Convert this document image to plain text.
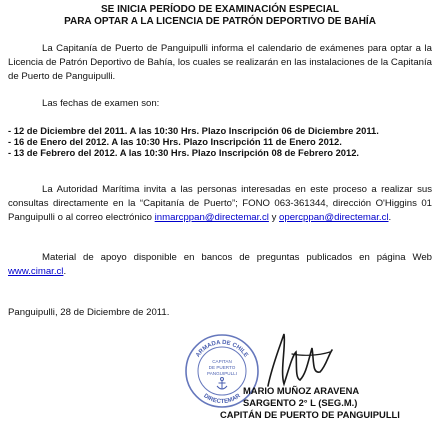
SE INICIA PERÍODO DE EXAMINACIÓN ESPECIAL

PARA OPTAR A LA LICENCIA DE PATRÓN DEPORTIVO DE BAHÍA

La Capitanía de Puerto de Panguipulli informa el calendario de exámenes para optar a la Licencia de Patrón Deportivo de Bahía, los cuales se realizarán en las instalaciones de la Capitanía de Puerto de Panguipulli.

Las fechas de examen son:

- 12 de Diciembre del 2011. A las 10:30 Hrs. Plazo Inscripción 06 de Diciembre 2011.
- 16 de Enero del 2012. A las 10:30 Hrs. Plazo Inscripción 11 de Enero 2012.
- 13 de Febrero del 2012. A las 10:30 Hrs. Plazo Inscripción 08 de Febrero 2012.

La Autoridad Marítima invita a las personas interesadas en este proceso a realizar sus consultas directamente en la “Capitanía de Puerto”; FONO 063-361344, dirección O'Higgins 01 Panguipulli o al correo electrónico inmarcppan@directemar.cl y opercppan@directemar.cl.

Material de apoyo disponible en bancos de preguntas publicados en página Web www.cimar.cl.

Panguipulli, 28 de Diciembre de 2011.

ARMADA DE CHILE
DIRECTEMAR
CAPITAN
DE PUERTO
PANGUIPULLI
MARIO MUÑOZ ARAVENA
SARGENTO 2° L (SEG.M.)
CAPITÁN DE PUERTO DE PANGUIPULLI
